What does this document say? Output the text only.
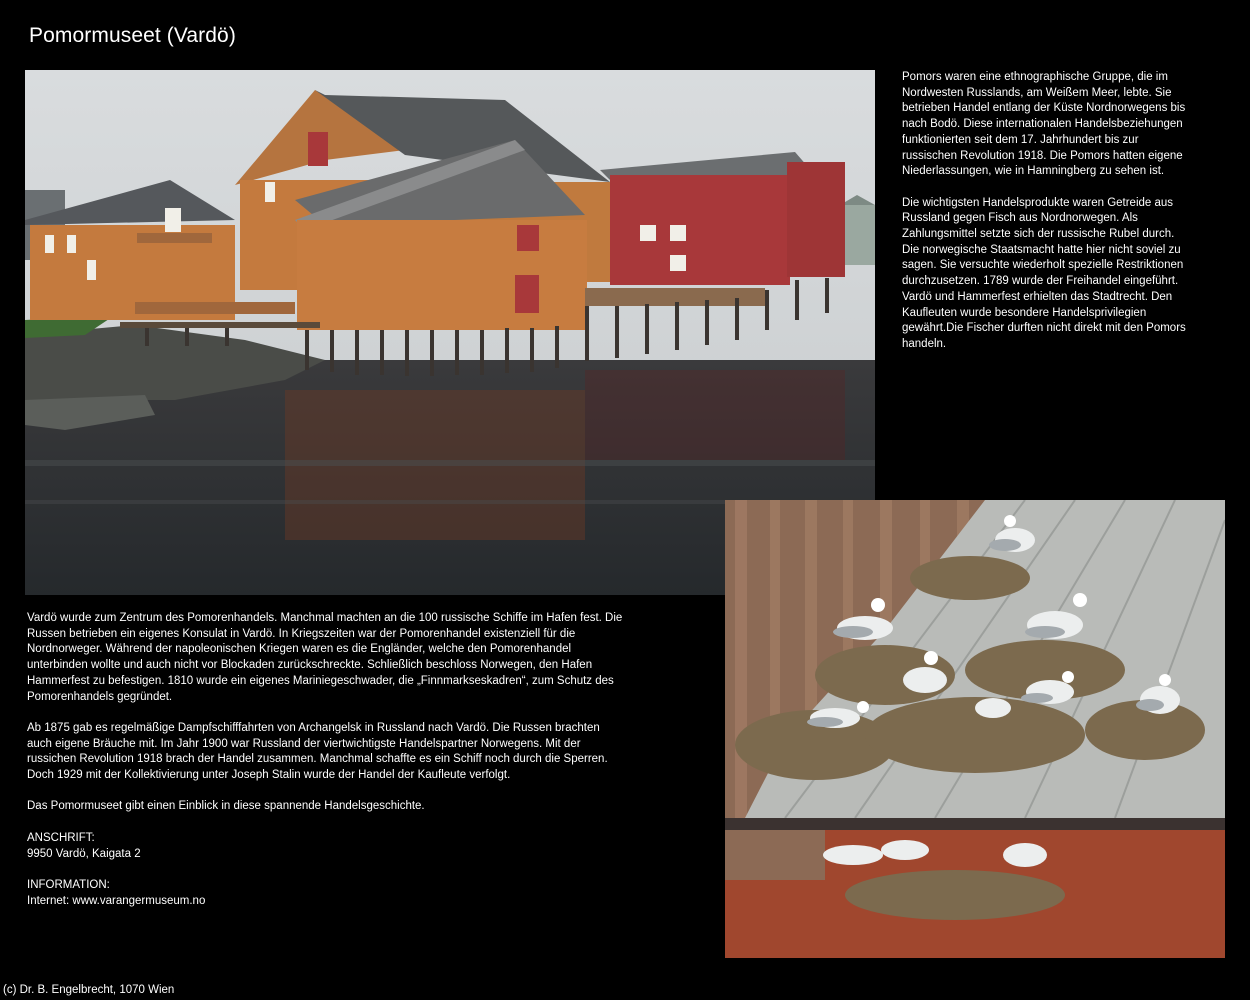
Pomormuseet (Vardö)

Pomors waren eine ethnographische Gruppe, die im Nordwesten Russlands, am Weißem Meer, lebte. Sie betrieben Handel entlang der Küste Nordnorwegens bis nach Bodö. Diese internationalen Handelsbeziehungen funktionierten seit dem 17. Jahrhundert bis zur russischen Revolution 1918. Die Pomors hatten eigene Niederlassungen, wie in Hamningberg zu sehen ist.

Die wichtigsten Handelsprodukte waren Getreide aus Russland gegen Fisch aus Nordnorwegen. Als Zahlungsmittel setzte sich der russische Rubel durch. Die norwegische Staatsmacht hatte hier nicht soviel zu sagen. Sie versuchte wiederholt spezielle Restriktionen durchzusetzen. 1789 wurde der Freihandel eingeführt. Vardö und Hammerfest erhielten das Stadtrecht. Den Kaufleuten wurde besondere Handelsprivilegien gewährt.Die Fischer durften nicht direkt mit den Pomors handeln.

Vardö wurde zum Zentrum des Pomorenhandels. Manchmal machten an die 100 russische Schiffe im Hafen fest. Die Russen betrieben ein eigenes Konsulat in Vardö. In Kriegszeiten war der Pomorenhandel existenziell für die Nordnorweger. Während der napoleonischen Kriegen waren es die Engländer, welche den Pomorenhandel unterbinden wollte und auch nicht vor Blockaden zurückschreckte. Schließlich beschloss Norwegen, den Hafen Hammerfest zu befestigen. 1810 wurde ein eigenes Mariniegeschwader, die „Finnmarkseskadren“, zum Schutz des Pomorenhandels gegründet.

Ab 1875 gab es regelmäßige Dampfschifffahrten von Archangelsk in Russland nach Vardö. Die Russen brachten auch eigene Bräuche mit. Im Jahr 1900 war Russland der viertwichtigste Handelspartner Norwegens. Mit der russichen Revolution 1918 brach der Handel zusammen. Manchmal schaffte es ein Schiff noch durch die Sperren. Doch 1929 mit der Kollektivierung unter Joseph Stalin wurde der Handel der Kaufleute verfolgt.

Das Pomormuseet gibt einen Einblick in diese spannende Handelsgeschichte.

ANSCHRIFT:

9950 Vardö, Kaigata 2

INFORMATION:

Internet: www.varangermuseum.no

(c) Dr. B. Engelbrecht, 1070 Wien
